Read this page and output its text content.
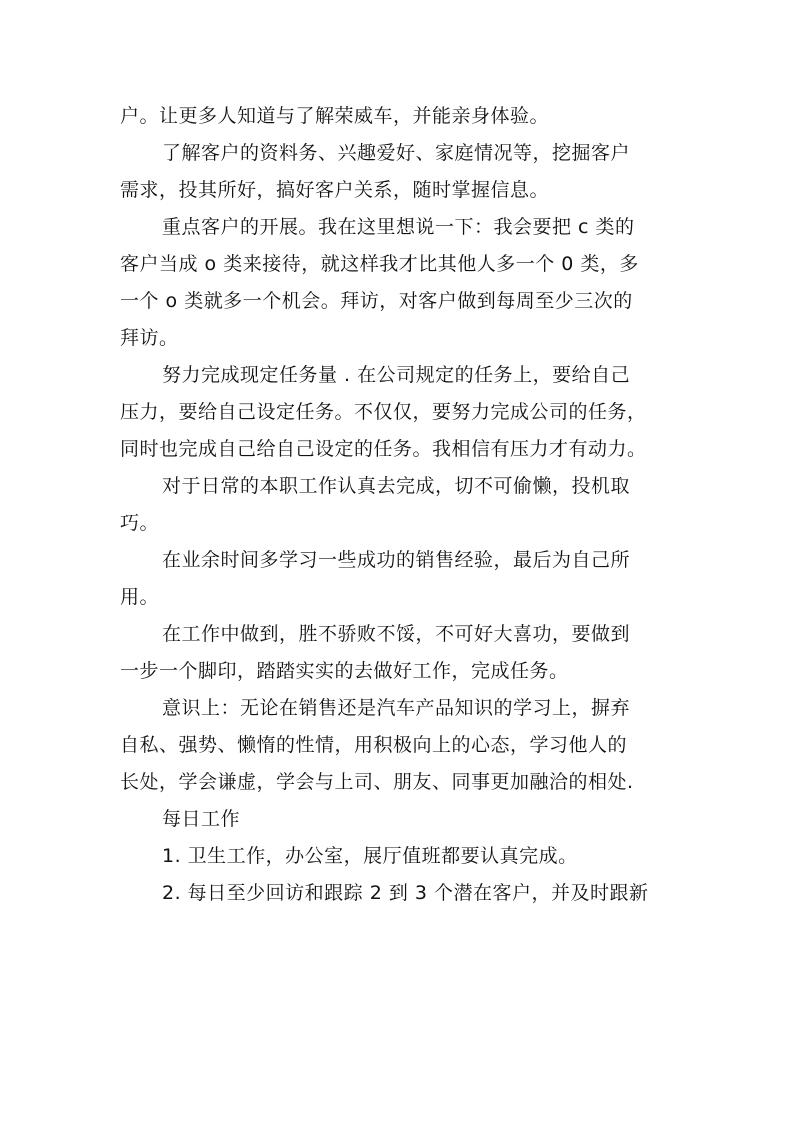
户。让更多人知道与了解荣威车，并能亲身体验。
了解客户的资料务、兴趣爱好、家庭情况等，挖掘客户
需求，投其所好，搞好客户关系，随时掌握信息。
重点客户的开展。我在这里想说一下：我会要把 c 类的
客户当成 o 类来接待，就这样我才比其他人多一个 0 类，多
一个 o 类就多一个机会。拜访，对客户做到每周至少三次的
拜访。
努力完成现定任务量 . 在公司规定的任务上，要给自己
压力，要给自己设定任务。不仅仅，要努力完成公司的任务，
同时也完成自己给自己设定的任务。我相信有压力才有动力。
对于日常的本职工作认真去完成，切不可偷懒，投机取
巧。
在业余时间多学习一些成功的销售经验，最后为自己所
用。
在工作中做到，胜不骄败不馁，不可好大喜功，要做到
一步一个脚印，踏踏实实的去做好工作，完成任务。
意识上：无论在销售还是汽车产品知识的学习上，摒弃
自私、强势、懒惰的性情，用积极向上的心态，学习他人的
长处，学会谦虚，学会与上司、朋友、同事更加融洽的相处.
每日工作
1. 卫生工作，办公室，展厅值班都要认真完成。
2. 每日至少回访和跟踪 2 到 3 个潜在客户，并及时跟新
